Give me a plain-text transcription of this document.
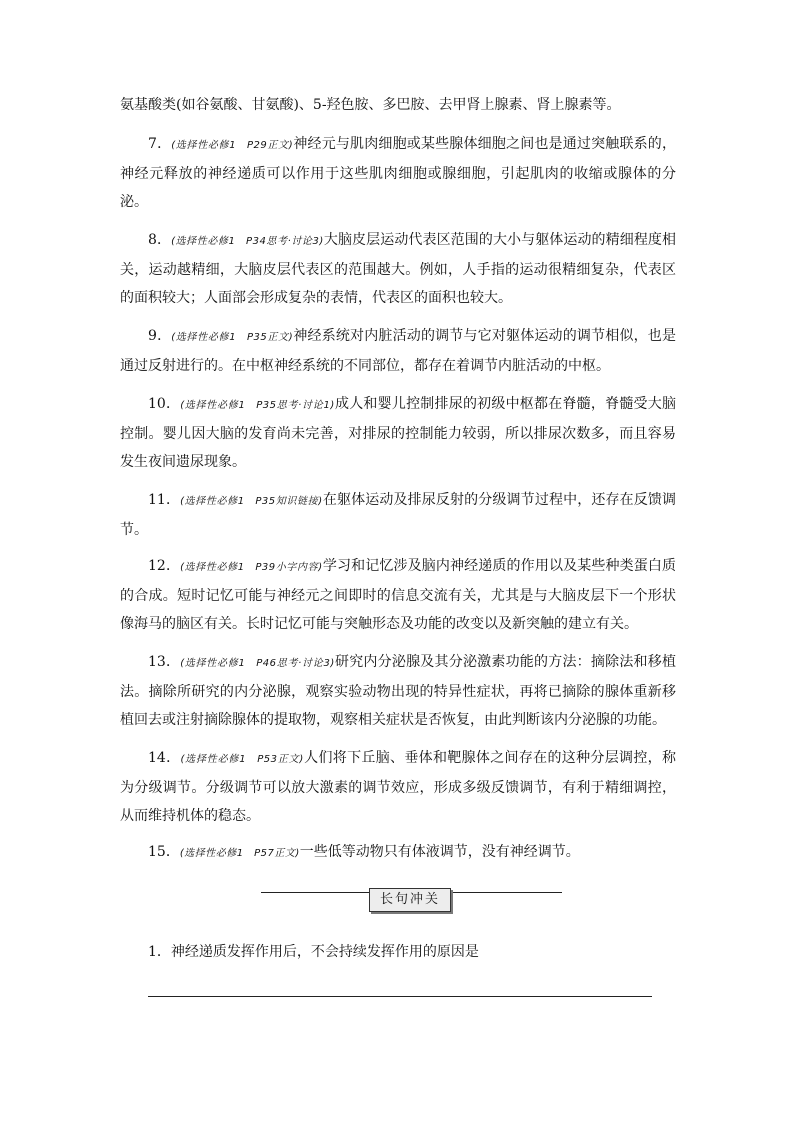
氨基酸类(如谷氨酸、甘氨酸)、5-羟色胺、多巴胺、去甲肾上腺素、肾上腺素等。

7．(选择性必修1　P29正文)神经元与肌肉细胞或某些腺体细胞之间也是通过突触联系的，神经元释放的神经递质可以作用于这些肌肉细胞或腺细胞，引起肌肉的收缩或腺体的分泌。

8．(选择性必修1　P34思考·讨论3)大脑皮层运动代表区范围的大小与躯体运动的精细程度相关，运动越精细，大脑皮层代表区的范围越大。例如，人手指的运动很精细复杂，代表区的面积较大；人面部会形成复杂的表情，代表区的面积也较大。

9．(选择性必修1　P35正文)神经系统对内脏活动的调节与它对躯体运动的调节相似，也是通过反射进行的。在中枢神经系统的不同部位，都存在着调节内脏活动的中枢。

10．(选择性必修1　P35思考·讨论1)成人和婴儿控制排尿的初级中枢都在脊髓，脊髓受大脑控制。婴儿因大脑的发育尚未完善，对排尿的控制能力较弱，所以排尿次数多，而且容易发生夜间遗尿现象。

11．(选择性必修1　P35知识链接)在躯体运动及排尿反射的分级调节过程中，还存在反馈调节。

12．(选择性必修1　P39小字内容)学习和记忆涉及脑内神经递质的作用以及某些种类蛋白质的合成。短时记忆可能与神经元之间即时的信息交流有关，尤其是与大脑皮层下一个形状像海马的脑区有关。长时记忆可能与突触形态及功能的改变以及新突触的建立有关。

13．(选择性必修1　P46思考·讨论3)研究内分泌腺及其分泌激素功能的方法：摘除法和移植法。摘除所研究的内分泌腺，观察实验动物出现的特异性症状，再将已摘除的腺体重新移植回去或注射摘除腺体的提取物，观察相关症状是否恢复，由此判断该内分泌腺的功能。

14．(选择性必修1　P53正文)人们将下丘脑、垂体和靶腺体之间存在的这种分层调控，称为分级调节。分级调节可以放大激素的调节效应，形成多级反馈调节，有利于精细调控，从而维持机体的稳态。

15．(选择性必修1　P57正文)一些低等动物只有体液调节，没有神经调节。

长句冲关

1．神经递质发挥作用后，不会持续发挥作用的原因是
